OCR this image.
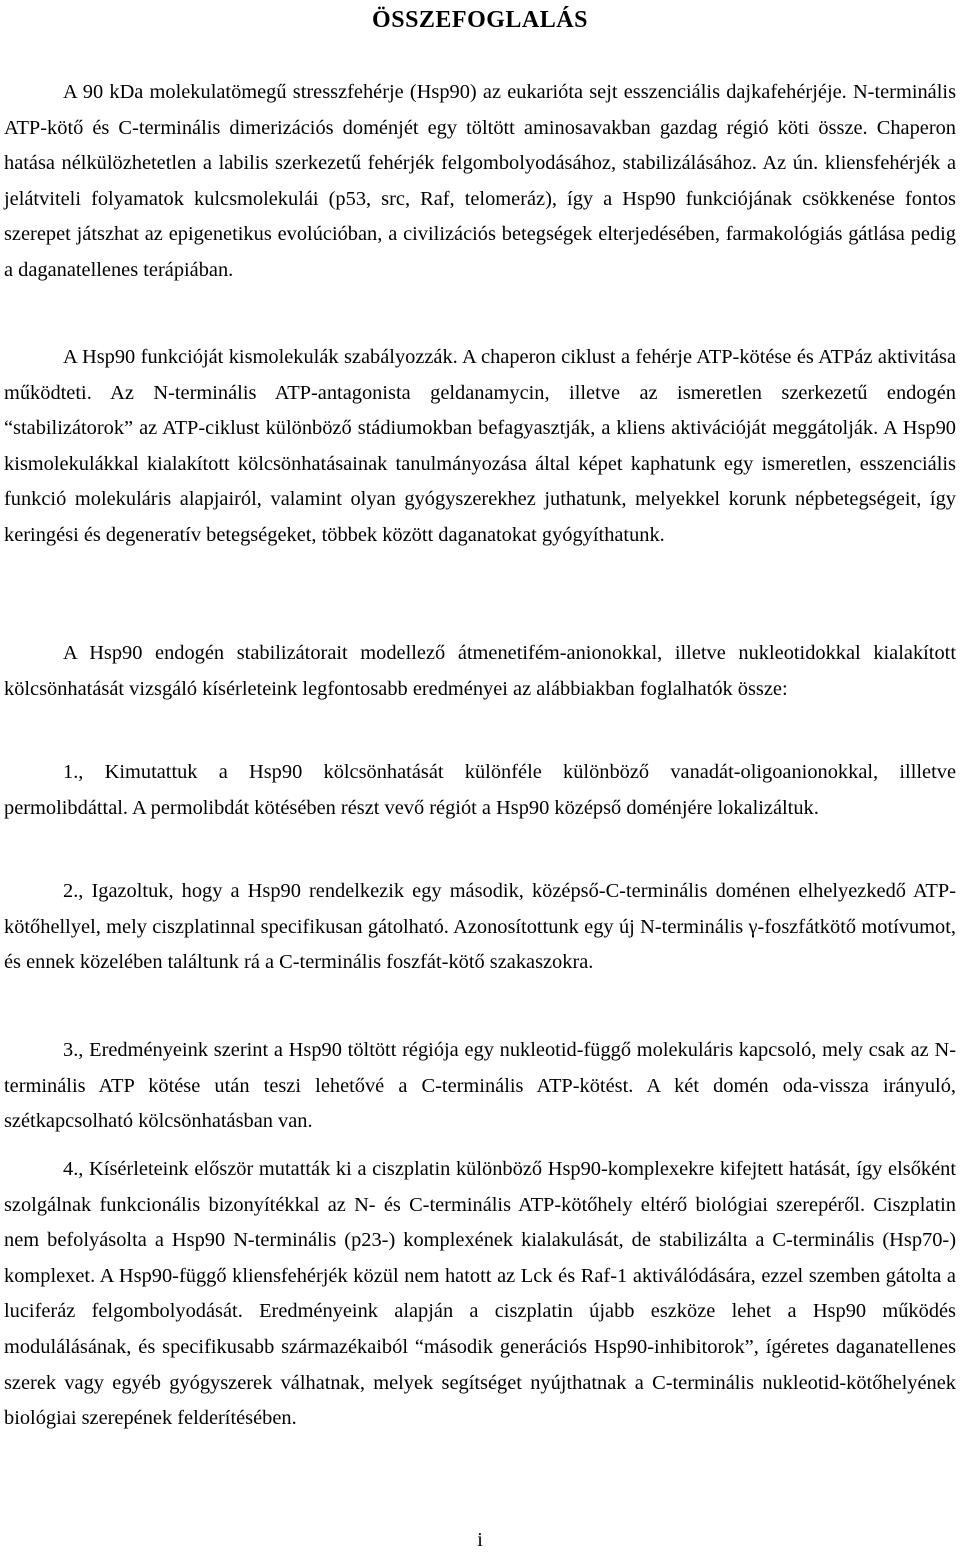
ÖSSZEFOGLALÁS

A 90 kDa molekulatömegű stresszfehérje (Hsp90) az eukarióta sejt esszenciális dajkafehérjéje. N-terminális ATP-kötő és C-terminális dimerizációs doménjét egy töltött aminosavakban gazdag régió köti össze. Chaperon hatása nélkülözhetetlen a labilis szerkezetű fehérjék felgombolyodásához, stabilizálásához. Az ún. kliensfehérjék a jelátviteli folyamatok kulcsmolekulái (p53, src, Raf, telomeráz), így a Hsp90 funkciójának csökkenése fontos szerepet játszhat az epigenetikus evolúcióban, a civilizációs betegségek elterjedésében, farmakológiás gátlása pedig a daganatellenes terápiában.

A Hsp90 funkcióját kismolekulák szabályozzák. A chaperon ciklust a fehérje ATP-kötése és ATPáz aktivitása működteti. Az N-terminális ATP-antagonista geldanamycin, illetve az ismeretlen szerkezetű endogén “stabilizátorok” az ATP-ciklust különböző stádiumokban befagyasztják, a kliens aktivációját meggátolják. A Hsp90 kismolekulákkal kialakított kölcsönhatásainak tanulmányozása által képet kaphatunk egy ismeretlen, esszenciális funkció molekuláris alapjairól, valamint olyan gyógyszerekhez juthatunk, melyekkel korunk népbetegségeit, így keringési és degeneratív betegségeket, többek között daganatokat gyógyíthatunk.

A Hsp90 endogén stabilizátorait modellező átmenetifém-anionokkal, illetve nukleotidokkal kialakított kölcsönhatását vizsgáló kísérleteink legfontosabb eredményei az alábbiakban foglalhatók össze:

1., Kimutattuk a Hsp90 kölcsönhatását különféle különböző vanadát-oligoanionokkal, illletve permolibdáttal. A permolibdát kötésében részt vevő régiót a Hsp90 középső doménjére lokalizáltuk.

2., Igazoltuk, hogy a Hsp90 rendelkezik egy második, középső-C-terminális doménen elhelyezkedő ATP-kötőhellyel, mely ciszplatinnal specifikusan gátolható. Azonosítottunk egy új N-terminális γ-foszfátkötő motívumot, és ennek közelében találtunk rá a C-terminális foszfát-kötő szakaszokra.

3., Eredményeink szerint a Hsp90 töltött régiója egy nukleotid-függő molekuláris kapcsoló, mely csak az N-terminális ATP kötése után teszi lehetővé a C-terminális ATP-kötést. A két domén oda-vissza irányuló, szétkapcsolható kölcsönhatásban van.

4., Kísérleteink először mutatták ki a ciszplatin különböző Hsp90-komplexekre kifejtett hatását, így elsőként szolgálnak funkcionális bizonyítékkal az N- és C-terminális ATP-kötőhely eltérő biológiai szerepéről. Ciszplatin nem befolyásolta a Hsp90 N-terminális (p23-) komplexének kialakulását, de stabilizálta a C-terminális (Hsp70-) komplexet. A Hsp90-függő kliensfehérjék közül nem hatott az Lck és Raf-1 aktiválódására, ezzel szemben gátolta a luciferáz felgombolyodását. Eredményeink alapján a ciszplatin újabb eszköze lehet a Hsp90 működés modulálásának, és specifikusabb származékaiból “második generációs Hsp90-inhibitorok”, ígéretes daganatellenes szerek vagy egyéb gyógyszerek válhatnak, melyek segítséget nyújthatnak a C-terminális nukleotid-kötőhelyének biológiai szerepének felderítésében.

i
